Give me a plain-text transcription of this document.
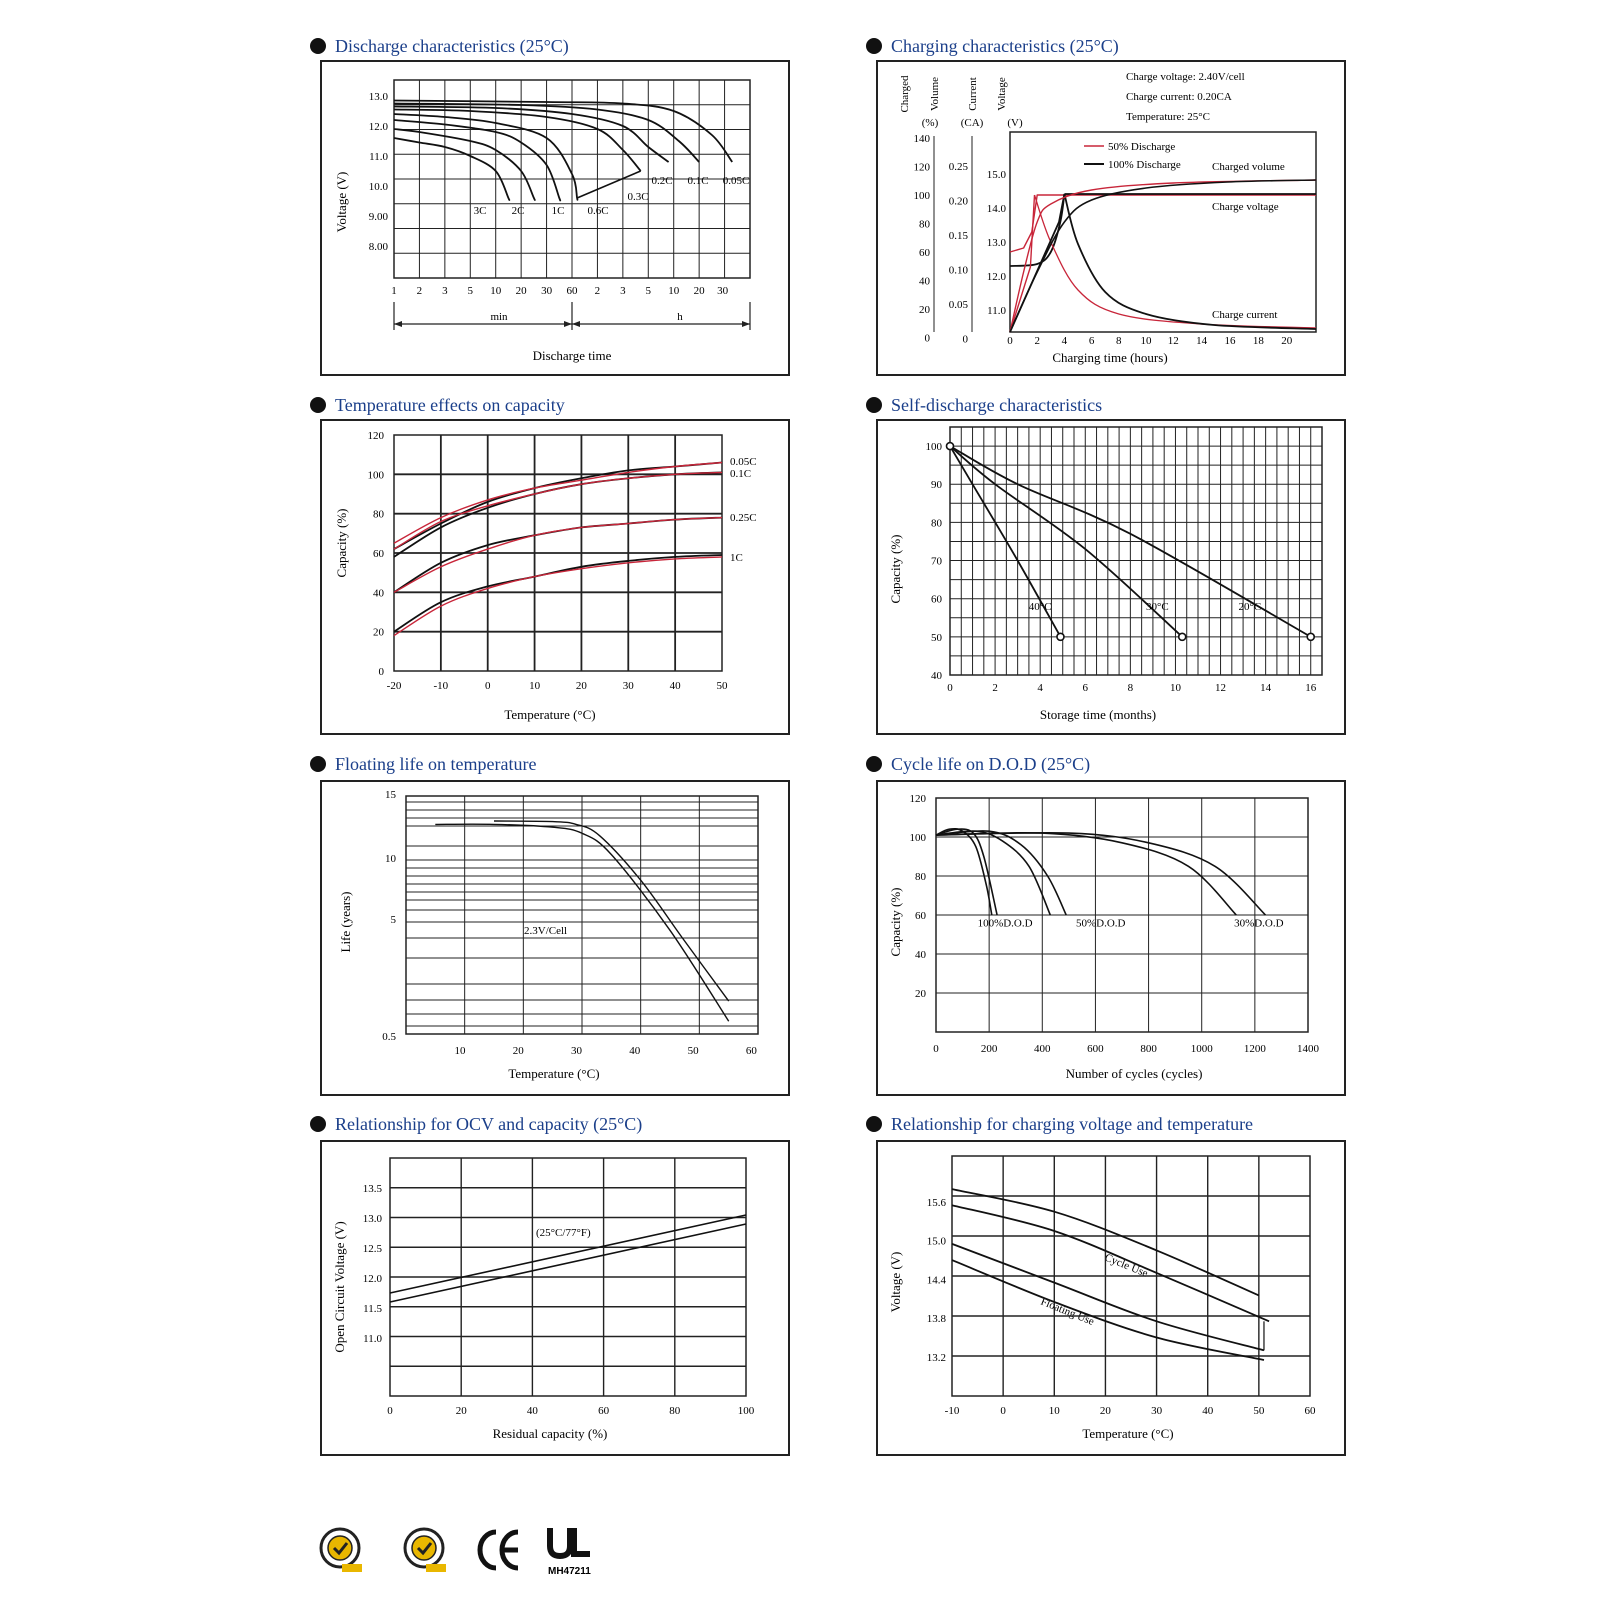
Discharge characteristics (25°C)
Voltage (V)
Discharge time
min	h
13.0
12.0
11.0
10.0
9.00
8.00
1 2 3 5 10 20 30 60 2 3 5 10 20 30
3C 2C 1C 0.6C
0.3C
0.2C 0.1C 0.05C
Charging characteristics (25°C)
Charged Volume Current Voltage
(%) (CA) (V)
Charge voltage: 2.40V/cell
Charge current: 0.20CA
Temperature: 25°C
Charging time (hours)
140
120
100
80
60
40
20
0
0.25
0.20
0.15
0.10
0.05
0
15.0
14.0
13.0
12.0
11.0
0 2 4 6 8 10 12 14 16 18 20
50% Discharge
100% Discharge	Charged volume
Charge voltage
Charge current
Temperature effects on capacity
Capacity (%)
Temperature (°C)
120
100
80
60
40
20
0
-20	-10	0	10	20	30	40	50
0.05C
0.1C
0.25C
1C
Self-discharge characteristics
Capacity (%)
Storage time (months)
100
90
80
70
60
50
40
0	2	4	6	8	10	12	14	16
40°C	30°C	20°C
Floating life on temperature
Life (years)
Temperature (°C)
2.3V/Cell
15
10
5
0.5
10	20	30	40	50	60
Cycle life on D.O.D (25°C)
Capacity (%)
Number of cycles (cycles)
120
100
80
60
40
20
0	200	400	600	800	1000	1200	1400
100%D.O.D	50%D.O.D	30%D.O.D
Relationship for OCV and capacity (25°C)
Open Circuit Voltage (V)
Residual capacity (%)
(25°C/77°F)
13.5
13.0
12.5
12.0
11.5
11.0
0	20	40	60	80	100
Relationship for charging voltage and temperature
Voltage (V)
Temperature (°C)
Cycle Use
Floating Use
15.6
15.0
14.4
13.8
13.2
-10	0	10	20	30	40	50	60
MH47211
